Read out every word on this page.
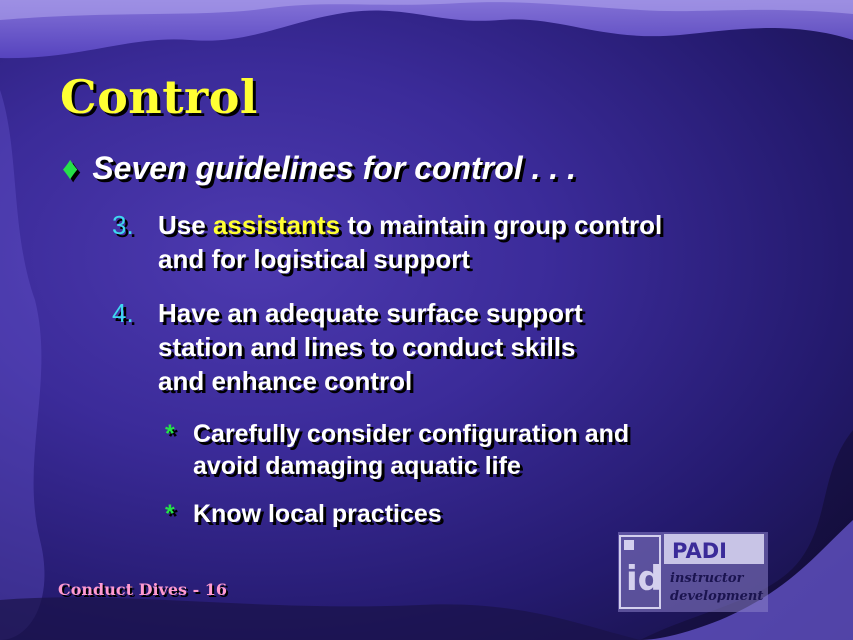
Control
♦ Seven guidelines for control . . .
3. Use assistants to maintain group control
and for logistical support
4. Have an adequate surface support
station and lines to conduct skills
and enhance control
* Carefully consider configuration and
avoid damaging aquatic life
* Know local practices
Conduct Dives - 16	id
PADI
instructor
development
